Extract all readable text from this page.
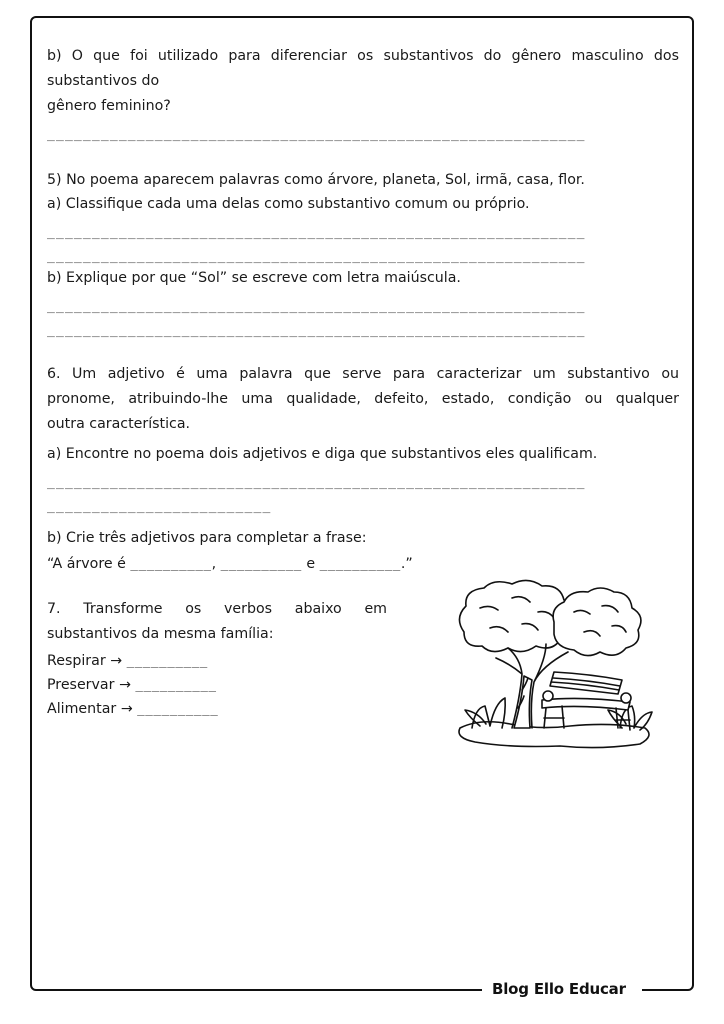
Blog Ello Educar
b) O que foi utilizado para diferenciar os substantivos do gênero masculino dos
substantivos do
gênero feminino?
____________________________________________________________
5) No poema aparecem palavras como árvore, planeta, Sol, irmã, casa, flor.
a) Classifique cada uma delas como substantivo comum ou próprio.
____________________________________________________________
____________________________________________________________
b) Explique por que “Sol” se escreve com letra maiúscula.
____________________________________________________________
____________________________________________________________
6. Um adjetivo é uma palavra que serve para caracterizar um substantivo ou
pronome, atribuindo-lhe uma qualidade, defeito, estado, condição ou qualquer
outra característica.
a) Encontre no poema dois adjetivos e diga que substantivos eles qualificam.
____________________________________________________________
_________________________
b) Crie três adjetivos para completar a frase:
“A árvore é __________, __________ e __________.”
7. Transforme os verbos abaixo em
substantivos da mesma família:
Respirar → __________
Preservar → __________
Alimentar → __________
